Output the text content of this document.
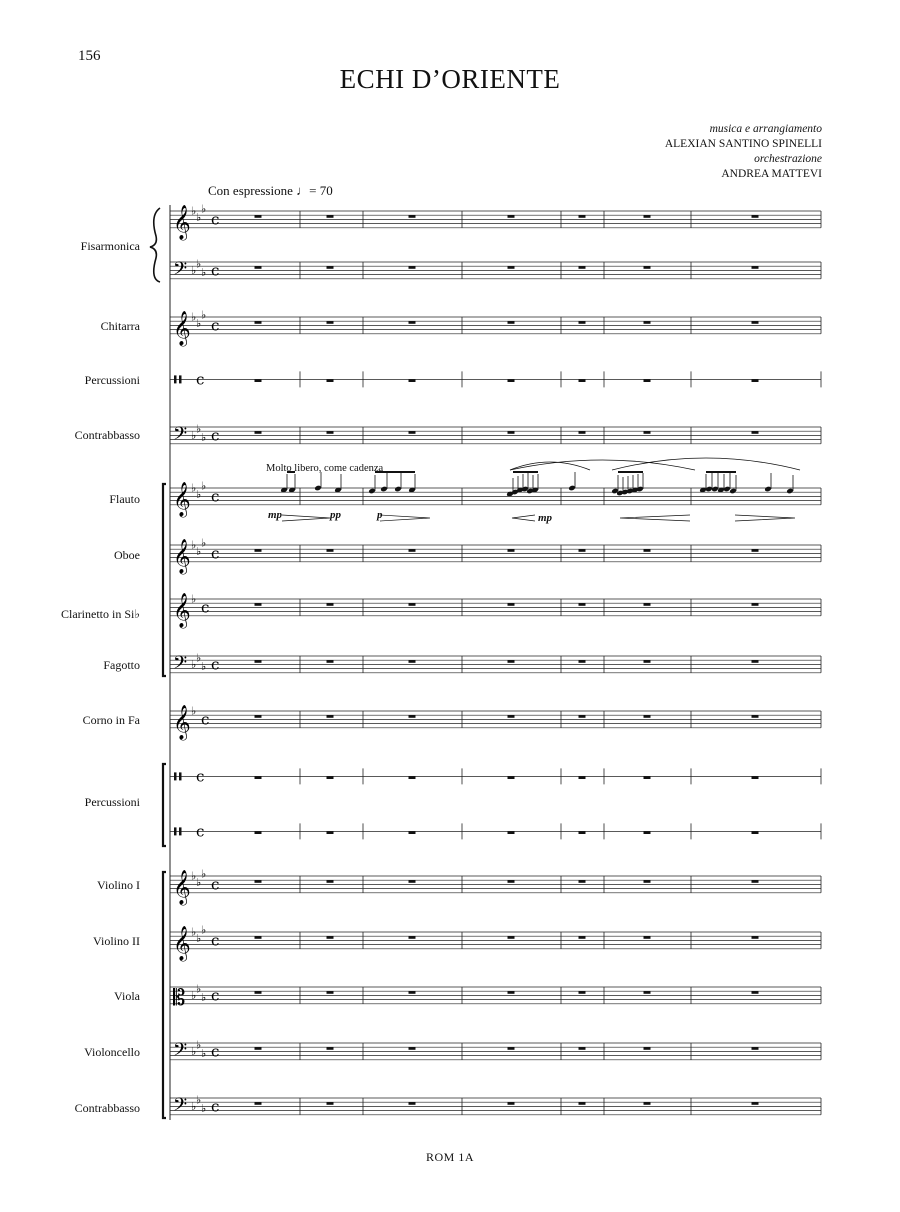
156
ECHI D’ORIENTE
musica e arrangiamento
ALEXIAN SANTINO SPINELLI
orchestrazione
ANDREA MATTEVI
Con espressione ♩= 70
Molto libero, come cadenza
Fisarmonica
Chitarra
Percussioni
Contrabbasso
Flauto
Oboe
Clarinetto in Si♭
Fagotto
Corno in Fa
Percussioni
Violino I
Violino II
Viola
Violoncello
Contrabbasso
mp	pp	p	mp
𝄞 ♭ ♭
♭
c
𝄢 ♭ ♭
♭ c
𝄞 ♭ ♭
♭
c
c
𝄢 ♭ ♭
♭ c
𝄞 ♭ ♭
♭
c
𝄞 ♭ ♭
♭
c
𝄞 ♭ c
𝄢 ♭ ♭
♭ c
𝄞 ♭ c
c
c
𝄞 ♭ ♭
♭
c
𝄞 ♭ ♭
♭
c
𝄡 ♭ ♭
♭ c
𝄢 ♭ ♭
♭ c
𝄢 ♭ ♭
♭ c
ROM 1A
